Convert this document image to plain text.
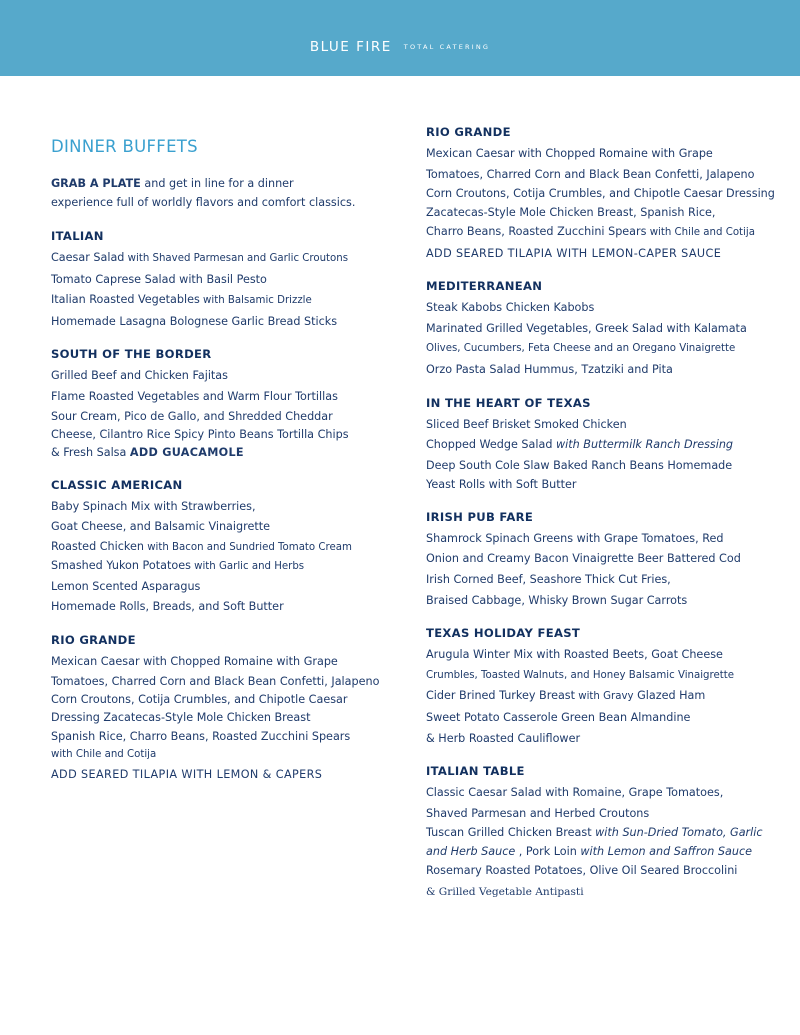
BLUE FIRE TOTAL CATERING
DINNER BUFFETS

GRAB A PLATE and get in line for a dinner
experience full of worldly flavors and comfort classics.

ITALIAN

Caesar Salad with Shaved Parmesan and Garlic Croutons

Tomato Caprese Salad with Basil Pesto

Italian Roasted Vegetables with Balsamic Drizzle

Homemade Lasagna Bolognese Garlic Bread Sticks

SOUTH OF THE BORDER

Grilled Beef and Chicken Fajitas

Flame Roasted Vegetables and Warm Flour Tortillas

Sour Cream, Pico de Gallo, and Shredded Cheddar

Cheese, Cilantro Rice Spicy Pinto Beans Tortilla Chips

& Fresh Salsa ADD GUACAMOLE

CLASSIC AMERICAN

Baby Spinach Mix with Strawberries,

Goat Cheese, and Balsamic Vinaigrette

Roasted Chicken with Bacon and Sundried Tomato Cream

Smashed Yukon Potatoes with Garlic and Herbs

Lemon Scented Asparagus

Homemade Rolls, Breads, and Soft Butter

RIO GRANDE

Mexican Caesar with Chopped Romaine with Grape

Tomatoes, Charred Corn and Black Bean Confetti, Jalapeno

Corn Croutons, Cotija Crumbles, and Chipotle Caesar

Dressing Zacatecas-Style Mole Chicken Breast

Spanish Rice, Charro Beans, Roasted Zucchini Spears

with Chile and Cotija

ADD SEARED TILAPIA WITH LEMON & CAPERS

RIO GRANDE

Mexican Caesar with Chopped Romaine with Grape

Tomatoes, Charred Corn and Black Bean Confetti, Jalapeno

Corn Croutons, Cotija Crumbles, and Chipotle Caesar Dressing

Zacatecas-Style Mole Chicken Breast, Spanish Rice,

Charro Beans, Roasted Zucchini Spears with Chile and Cotija

ADD SEARED TILAPIA WITH LEMON-CAPER SAUCE

MEDITERRANEAN

Steak Kabobs Chicken Kabobs

Marinated Grilled Vegetables, Greek Salad with Kalamata

Olives, Cucumbers, Feta Cheese and an Oregano Vinaigrette

Orzo Pasta Salad Hummus, Tzatziki and Pita

IN THE HEART OF TEXAS

Sliced Beef Brisket Smoked Chicken

Chopped Wedge Salad with Buttermilk Ranch Dressing

Deep South Cole Slaw Baked Ranch Beans Homemade

Yeast Rolls with Soft Butter

IRISH PUB FARE

Shamrock Spinach Greens with Grape Tomatoes, Red

Onion and Creamy Bacon Vinaigrette Beer Battered Cod

Irish Corned Beef, Seashore Thick Cut Fries,

Braised Cabbage, Whisky Brown Sugar Carrots

TEXAS HOLIDAY FEAST

Arugula Winter Mix with Roasted Beets, Goat Cheese

Crumbles, Toasted Walnuts, and Honey Balsamic Vinaigrette

Cider Brined Turkey Breast with Gravy Glazed Ham

Sweet Potato Casserole Green Bean Almandine

& Herb Roasted Cauliflower

ITALIAN TABLE

Classic Caesar Salad with Romaine, Grape Tomatoes,

Shaved Parmesan and Herbed Croutons

Tuscan Grilled Chicken Breast with Sun-Dried Tomato, Garlic

and Herb Sauce , Pork Loin with Lemon and Saffron Sauce

Rosemary Roasted Potatoes, Olive Oil Seared Broccolini

& Grilled Vegetable Antipasti
